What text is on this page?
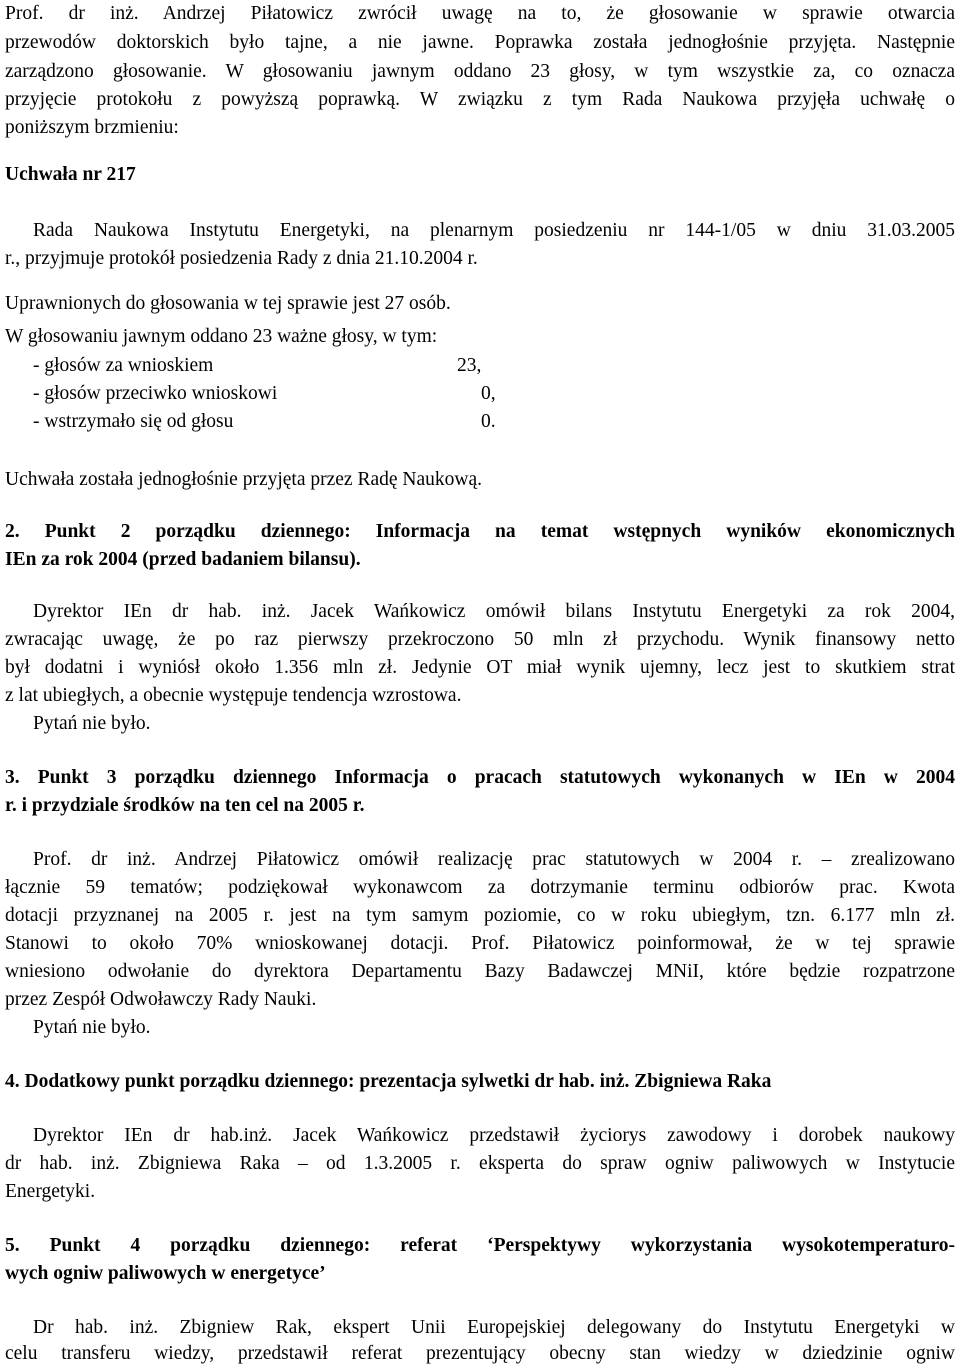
Prof. dr inż. Andrzej Piłatowicz zwrócił uwagę na to, że głosowanie w sprawie otwarcia
przewodów doktorskich było tajne, a nie jawne. Poprawka została jednogłośnie przyjęta. Następnie
zarządzono głosowanie. W głosowaniu jawnym oddano 23 głosy, w tym wszystkie za, co oznacza
przyjęcie protokołu z powyższą poprawką. W związku z tym Rada Naukowa przyjęła uchwałę o
poniższym brzmieniu:
Uchwała nr 217
Rada Naukowa Instytutu Energetyki, na plenarnym posiedzeniu nr 144-1/05 w dniu 31.03.2005
r., przyjmuje protokół posiedzenia Rady z dnia 21.10.2004 r.
Uprawnionych do głosowania w tej sprawie jest 27 osób.
W głosowaniu jawnym oddano 23 ważne głosy, w tym:
- głosów za wnioskiem	23,
- głosów przeciwko wnioskowi	0,
- wstrzymało się od głosu	0.
Uchwała została jednogłośnie przyjęta przez Radę Naukową.
2. Punkt 2 porządku dziennego: Informacja na temat wstępnych wyników ekonomicznych
IEn za rok 2004 (przed badaniem bilansu).
Dyrektor IEn dr hab. inż. Jacek Wańkowicz omówił bilans Instytutu Energetyki za rok 2004,
zwracając uwagę, że po raz pierwszy przekroczono 50 mln zł przychodu. Wynik finansowy netto
był dodatni i wyniósł około 1.356 mln zł. Jedynie OT miał wynik ujemny, lecz jest to skutkiem strat
z lat ubiegłych, a obecnie występuje tendencja wzrostowa.
Pytań nie było.
3. Punkt 3 porządku dziennego Informacja o pracach statutowych wykonanych w IEn w 2004
r. i przydziale środków na ten cel na 2005 r.
Prof. dr inż. Andrzej Piłatowicz omówił realizację prac statutowych w 2004 r. – zrealizowano
łącznie 59 tematów; podziękował wykonawcom za dotrzymanie terminu odbiorów prac. Kwota
dotacji przyznanej na 2005 r. jest na tym samym poziomie, co w roku ubiegłym, tzn. 6.177 mln zł.
Stanowi to około 70% wnioskowanej dotacji. Prof. Piłatowicz poinformował, że w tej sprawie
wniesiono odwołanie do dyrektora Departamentu Bazy Badawczej MNiI, które będzie rozpatrzone
przez Zespół Odwoławczy Rady Nauki.
Pytań nie było.
4. Dodatkowy punkt porządku dziennego: prezentacja sylwetki dr hab. inż. Zbigniewa Raka
Dyrektor IEn dr hab.inż. Jacek Wańkowicz przedstawił życiorys zawodowy i dorobek naukowy
dr hab. inż. Zbigniewa Raka – od 1.3.2005 r. eksperta do spraw ogniw paliwowych w Instytucie
Energetyki.
5. Punkt 4 porządku dziennego: referat ‘Perspektywy wykorzystania wysokotemperaturo-
wych ogniw paliwowych w energetyce’
Dr hab. inż. Zbigniew Rak, ekspert Unii Europejskiej delegowany do Instytutu Energetyki w
celu transferu wiedzy, przedstawił referat prezentujący obecny stan wiedzy w dziedzinie ogniw
